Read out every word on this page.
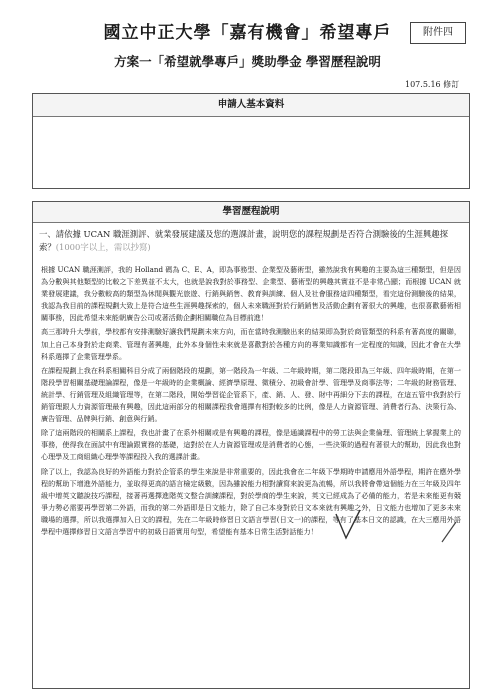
國立中正大學「嘉有機會」希望專戶	附件四
方案一「希望就學專戶」獎助學金 學習歷程說明
107.5.16 修訂
申請人基本資料
學習歷程說明
一、請依據 UCAN 職涯測評、就業發展建議及您的選課計畫，說明您的課程規劃是否符合測驗後的生涯興趣探索？(1000字以上，需以抄寫)

根據 UCAN 職涯測評，我的 Holland 碼為 C、E、A，即為事務型、企業型及藝術型，雖然說我有興趣的主要為這三種類型，但是因為分數與其他類型的比較之下差異並不太大，也就是說我對於事務型、企業型、藝術型的興趣其實並不是非常凸顯；而根據 UCAN 就業發展建議，我分數較高的類型為休閒與觀光旅遊、行銷與銷售、教育與訓練、個人及社會服務這四種類型，看完這份測驗後的結果，我認為我目前的課程規劃大致上是符合這些生涯興趣探索的，個人未來職涯對於行銷銷售及活動企劃有著很大的興趣，也很喜歡藝術相關事務，因此希望未來能朝廣告公司或著活動企劃相關職位為目標前進！

高三那時升大學前，學校都有安排測驗好讓我們規劃未來方向，而在當時我測驗出來的結果即為對於商管類型的科系有著高度的關聯，加上自己本身對於走商業、管理有著興趣，此外本身個性未來就是喜歡對於各種方向的專業知識都有一定程度的知識，因此才會在大學科系選擇了企業管理學系。

在課程規劃上我在科系相關科目分成了兩個階段的規劃，第一階段為一年級、二年級時期，第二階段即為三年級、四年級時期，在第一階段學習相關基礎理論課程，像是一年級時的企業概論、經濟學原理、微積分、初級會計學、管理學及商事法等；二年級的財務管理、統計學、行銷管理及組織管理等，在第二階段，開始學習從企管系下，產、銷、人、發、財中再細分下去的課程，在這五管中我對於行銷管理跟人力資源管理最有興趣，因此這兩部分的相關課程我會選擇有相對較多的比例，像是人力資源管理、消費者行為、決策行為、廣告管理、品牌與行銷、創意與行銷。

除了這兩階段的相關系上課程，我也計畫了在系外相關或是有興趣的課程，像是通識課程中的勞工法與企業倫理、管理統上掌握業上的事務，使得我在面試中有理論跟實務的基礎，這對於在人力資源管理或是消費者的心態，一些決策的過程有著很大的幫助，因此我也對心理學及工商組織心理學等課程投入我的選課計畫。

除了以上，我認為良好的外語能力對於企管系的學生來說是非常重要的，因此我會在二年級下學期時申請應用外語學程，期許在應外學程的幫助下增進外語能力，並取得更高的語言檢定級數，因為雖說能力相對讀寫來說更為流暢，所以我將會帶這個能力在三年級及四年級中增英文聽說技巧課程，接著再選擇進階英文整合訓練課程，對於學商的學生來說，英文已經成為了必備的能力，若是未來能更有競爭力勢必需要再學習第二外語，而我的第二外語即是日文能力，除了自己本身對於日文本來就有興趣之外，日文能力也增加了更多未來職場的選擇，所以我選擇加入日文的課程，先在二年級時修習日文語言學習(日文一)的課程，等有了基本日文的認識，在大三應用外語學程中選擇修習日文語言學習中的初級日語實用句型，希望能有基本日常生活對話能力！
